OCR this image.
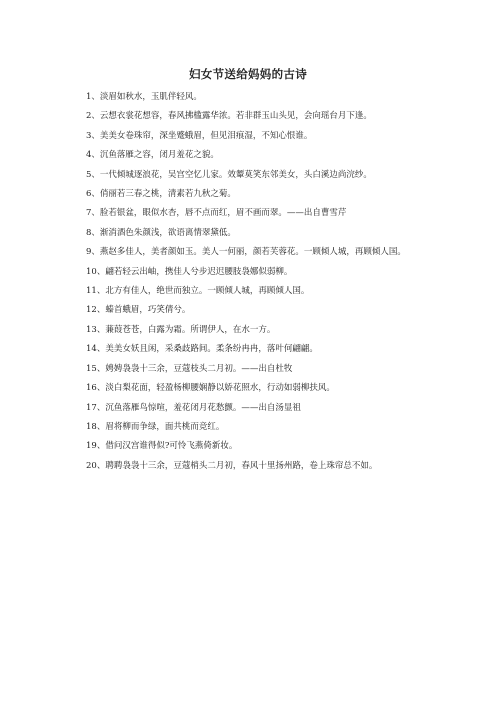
妇女节送给妈妈的古诗
1、淡眉如秋水，玉肌伴轻风。
2、云想衣裳花想容，春风拂槛露华浓。若非群玉山头见，会向瑶台月下逢。
3、美美女卷珠帘，深坐蹙蛾眉，但见泪痕湿，不知心恨谁。
4、沉鱼落雁之容，闭月羞花之貌。
5、一代倾城逐浪花，吴宫空忆儿家。效颦莫笑东邻美女，头白溪边尚浣纱。
6、俏丽若三春之桃，清素若九秋之菊。
7、脸若银盆，眼似水杏，唇不点而红，眉不画而翠。——出自曹雪芹
8、渐消酒色朱颜浅，欲语离情翠黛低。
9、燕赵多佳人，美者颜如玉。美人一何丽，颜若芙蓉花。一顾倾人城，再顾倾人国。
10、翩若轻云出岫，携佳人兮步迟迟腰肢袅娜似弱柳。
11、北方有佳人，绝世而独立。一顾倾人城，再顾倾人国。
12、螓首蛾眉，巧笑倩兮。
13、蒹葭苍苍，白露为霜。所谓伊人，在水一方。
14、美美女妖且闲，采桑歧路间。柔条纷冉冉，落叶何翩翩。
15、娉娉袅袅十三余，豆蔻枝头二月初。——出自杜牧
16、淡白梨花面，轻盈杨柳腰娴静以娇花照水，行动如弱柳扶风。
17、沉鱼落雁鸟惊喧，羞花闭月花愁颤。——出自汤显祖
18、眉将柳而争绿，面共桃而竞红。
19、借问汉宫谁得似?可怜飞燕倚新妆。
20、聘聘袅袅十三余，豆蔻梢头二月初，春风十里扬州路，卷上珠帘总不如。
